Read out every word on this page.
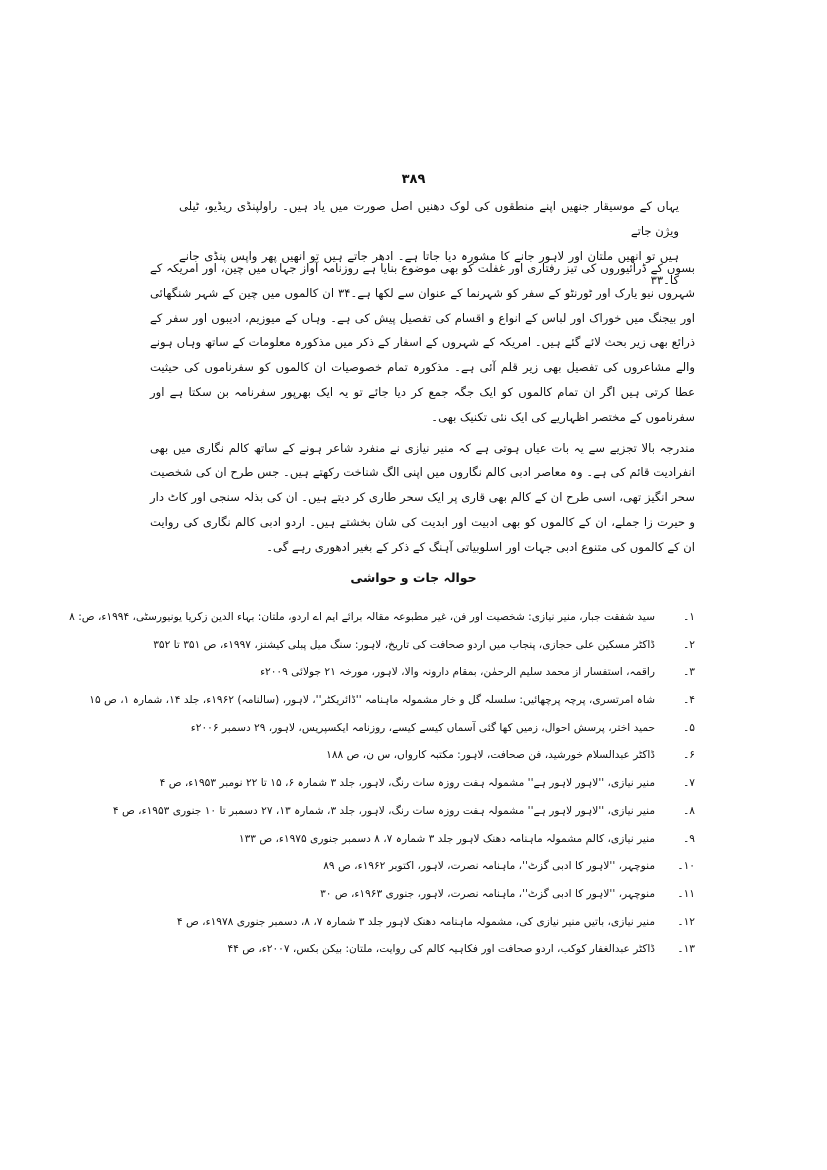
۳۸۹

یہاں کے موسیقار جنھیں اپنے منطقوں کی لوک دھنیں اصل صورت میں یاد ہیں۔ راولپنڈی ریڈیو، ٹیلی ویژن جاتے

ہیں تو انھیں ملتان اور لاہور جانے کا مشورہ دیا جاتا ہے۔ ادھر جاتے ہیں تو انھیں پھر واپس پنڈی جانے کا۔۳۳

بسوں کے ڈرائیوروں کی تیز رفتاری اور غفلت کو بھی موضوع بنایا ہے روزنامہ آواز جہاں میں چین، اور امریکہ کے شہروں نیو یارک اور ٹورنٹو کے سفر کو شہرنما کے عنوان سے لکھا ہے۔۳۴ ان کالموں میں چین کے شہر شنگھائی اور بیجنگ میں خوراک اور لباس کے انواع و اقسام کی تفصیل پیش کی ہے۔ وہاں کے میوزیم، ادیبوں اور سفر کے ذرائع بھی زیر بحث لائے گئے ہیں۔ امریکہ کے شہروں کے اسفار کے ذکر میں مذکورہ معلومات کے ساتھ وہاں ہونے والے مشاعروں کی تفصیل بھی زیر قلم آئی ہے۔ مذکورہ تمام خصوصیات ان کالموں کو سفرناموں کی حیثیت عطا کرتی ہیں اگر ان تمام کالموں کو ایک جگہ جمع کر دیا جائے تو یہ ایک بھرپور سفرنامہ بن سکتا ہے اور سفرناموں کے مختصر اظہاریے کی ایک نئی تکنیک بھی۔

مندرجہ بالا تجزیے سے یہ بات عیاں ہوتی ہے کہ منیر نیازی نے منفرد شاعر ہونے کے ساتھ کالم نگاری میں بھی انفرادیت قائم کی ہے۔ وہ معاصر ادبی کالم نگاروں میں اپنی الگ شناخت رکھتے ہیں۔ جس طرح ان کی شخصیت سحر انگیز تھی، اسی طرح ان کے کالم بھی قاری پر ایک سحر طاری کر دیتے ہیں۔ ان کی بذلہ سنجی اور کاٹ دار و حیرت زا جملے، ان کے کالموں کو بھی ادبیت اور ابدیت کی شان بخشتے ہیں۔ اردو ادبی کالم نگاری کی روایت ان کے کالموں کی متنوع ادبی جہات اور اسلوبیاتی آہنگ کے ذکر کے بغیر ادھوری رہے گی۔

حوالہ جات و حواشی
۱۔سید شفقت جبار، منیر نیازی: شخصیت اور فن، غیر مطبوعہ مقالہ برائے ایم اے اردو، ملتان: بہاء الدین زکریا یونیورسٹی، ۱۹۹۴ء، ص: ۸
۲۔ڈاکٹر مسکین علی حجازی، پنجاب میں اردو صحافت کی تاریخ، لاہور: سنگ میل پبلی کیشنز، ۱۹۹۷ء، ص ۳۵۱ تا ۳۵۲
۳۔راقمہ، استفسار از محمد سلیم الرحمٰن، بمقام دارونہ والا، لاہور، مورخہ ۲۱ جولائی ۲۰۰۹ء
۴۔شاہ امرتسری، پرچہ پرچھائیں: سلسلہ گل و خار مشمولہ ماہنامہ ''ڈائریکٹر''، لاہور، (سالنامہ) ۱۹۶۲ء، جلد ۱۴، شمارہ ۱، ص ۱۵
۵۔حمید اختر، پرسش احوال، زمیں کھا گئی آسماں کیسے کیسے، روزنامہ ایکسپریس، لاہور، ۲۹ دسمبر ۲۰۰۶ء
۶۔ڈاکٹر عبدالسلام خورشید، فن صحافت، لاہور: مکتبہ کارواں، س ن، ص ۱۸۸
۷۔منیر نیازی، ''لاہور لاہور ہے'' مشمولہ ہفت روزہ سات رنگ، لاہور، جلد ۳ شمارہ ۶، ۱۵ تا ۲۲ نومبر ۱۹۵۳ء، ص ۴
۸۔منیر نیازی، ''لاہور لاہور ہے'' مشمولہ ہفت روزہ سات رنگ، لاہور، جلد ۳، شمارہ ۱۳، ۲۷ دسمبر تا ۱۰ جنوری ۱۹۵۳ء، ص ۴
۹۔منیر نیازی، کالم مشمولہ ماہنامہ دھنک لاہور جلد ۳ شمارہ ۷، ۸ دسمبر جنوری ۱۹۷۵ء، ص ۱۳۳
۱۰۔منوچہر، ''لاہور کا ادبی گزٹ''، ماہنامہ نصرت، لاہور، اکتوبر ۱۹۶۲ء، ص ۸۹
۱۱۔منوچہر، ''لاہور کا ادبی گزٹ''، ماہنامہ نصرت، لاہور، جنوری ۱۹۶۳ء، ص ۳۰
۱۲۔منیر نیازی، باتیں منیر نیازی کی، مشمولہ ماہنامہ دھنک لاہور جلد ۳ شمارہ ۷، ۸، دسمبر جنوری ۱۹۷۸ء، ص ۴
۱۳۔ڈاکٹر عبدالغفار کوکب، اردو صحافت اور فکاہیہ کالم کی روایت، ملتان: بیکن بکس، ۲۰۰۷ء، ص ۴۴
